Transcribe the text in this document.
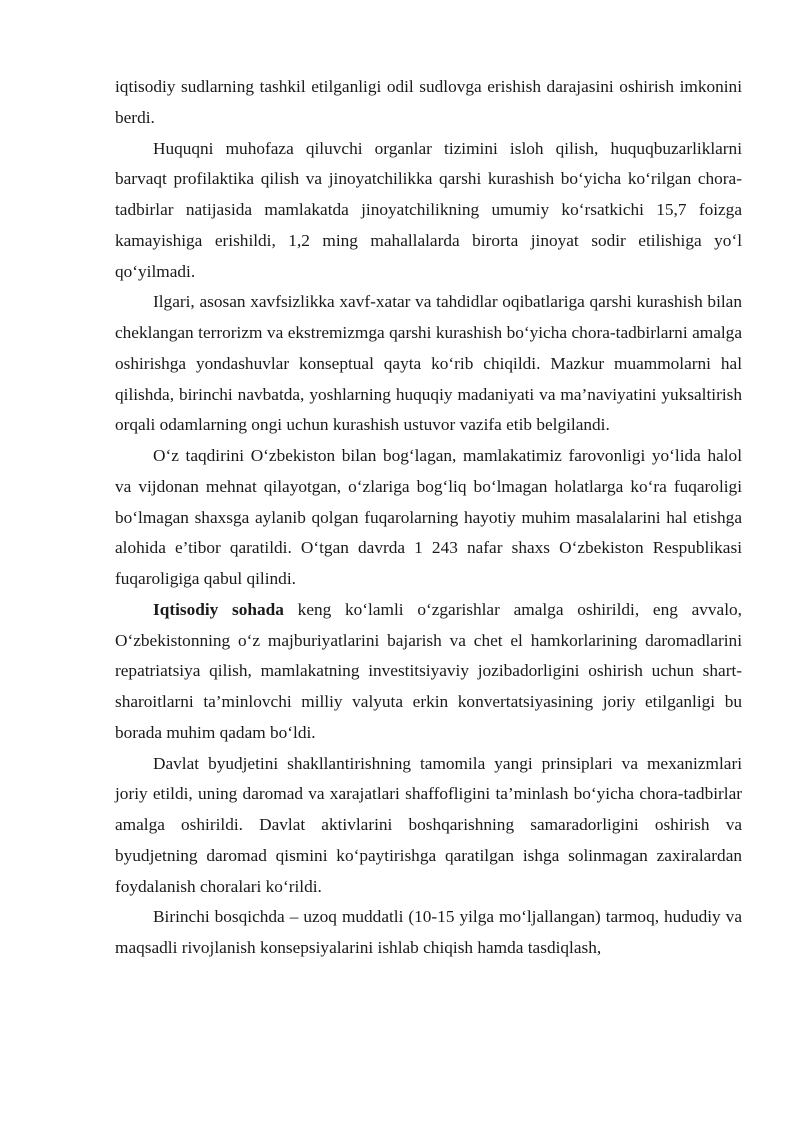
iqtisodiy sudlarning tashkil etilganligi odil sudlovga erishish darajasini oshirish imkonini berdi.

Huquqni muhofaza qiluvchi organlar tizimini isloh qilish, huquqbuzarliklarni barvaqt profilaktika qilish va jinoyatchilikka qarshi kurashish bo‘yicha ko‘rilgan chora-tadbirlar natijasida mamlakatda jinoyatchilikning umumiy ko‘rsatkichi 15,7 foizga kamayishiga erishildi, 1,2 ming mahallalarda birorta jinoyat sodir etilishiga yo‘l qo‘yilmadi.

Ilgari, asosan xavfsizlikka xavf-xatar va tahdidlar oqibatlariga qarshi kurashish bilan cheklangan terrorizm va ekstremizmga qarshi kurashish bo‘yicha chora-tadbirlarni amalga oshirishga yondashuvlar konseptual qayta ko‘rib chiqildi. Mazkur muammolarni hal qilishda, birinchi navbatda, yoshlarning huquqiy madaniyati va ma’naviyatini yuksaltirish orqali odamlarning ongi uchun kurashish ustuvor vazifa etib belgilandi.

O‘z taqdirini O‘zbekiston bilan bog‘lagan, mamlakatimiz farovonligi yo‘lida halol va vijdonan mehnat qilayotgan, o‘zlariga bog‘liq bo‘lmagan holatlarga ko‘ra fuqaroligi bo‘lmagan shaxsga aylanib qolgan fuqarolarning hayotiy muhim masalalarini hal etishga alohida e’tibor qaratildi. O‘tgan davrda 1 243 nafar shaxs O‘zbekiston Respublikasi fuqaroligiga qabul qilindi.

Iqtisodiy sohada keng ko‘lamli o‘zgarishlar amalga oshirildi, eng avvalo, O‘zbekistonning o‘z majburiyatlarini bajarish va chet el hamkorlarining daromadlarini repatriatsiya qilish, mamlakatning investitsiyaviy jozibadorligini oshirish uchun shart-sharoitlarni ta’minlovchi milliy valyuta erkin konvertatsiyasining joriy etilganligi bu borada muhim qadam bo‘ldi.

Davlat byudjetini shakllantirishning tamomila yangi prinsiplari va mexanizmlari joriy etildi, uning daromad va xarajatlari shaffofligini ta’minlash bo‘yicha chora-tadbirlar amalga oshirildi. Davlat aktivlarini boshqarishning samaradorligini oshirish va byudjetning daromad qismini ko‘paytirishga qaratilgan ishga solinmagan zaxiralardan foydalanish choralari ko‘rildi.

Birinchi bosqichda – uzoq muddatli (10-15 yilga mo‘ljallangan) tarmoq, hududiy va maqsadli rivojlanish konsepsiyalarini ishlab chiqish hamda tasdiqlash,
